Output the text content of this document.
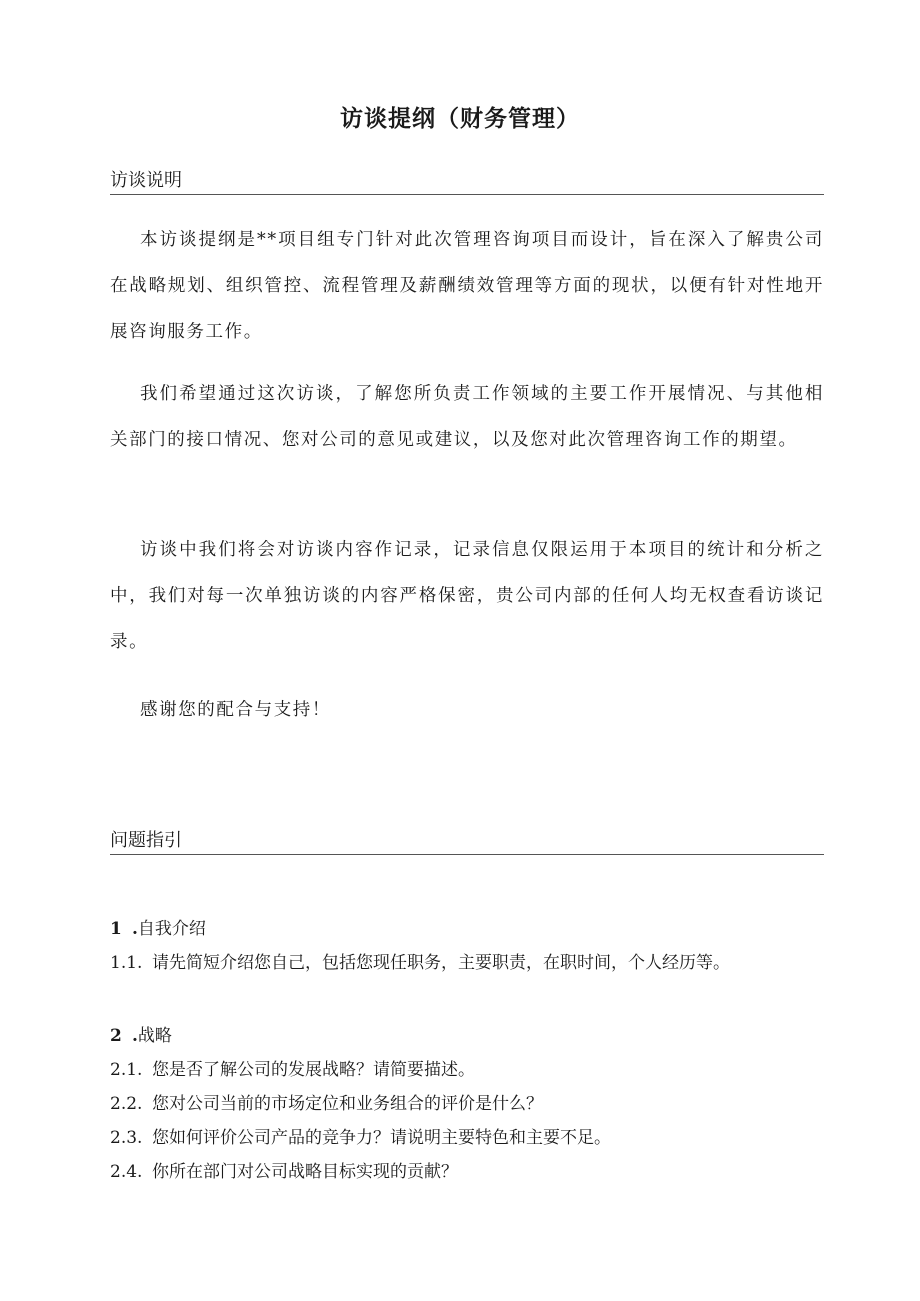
访谈提纲（财务管理）
访谈说明
本访谈提纲是**项目组专门针对此次管理咨询项目而设计，旨在深入了解贵公司在战略规划、组织管控、流程管理及薪酬绩效管理等方面的现状，以便有针对性地开展咨询服务工作。
我们希望通过这次访谈，了解您所负责工作领域的主要工作开展情况、与其他相关部门的接口情况、您对公司的意见或建议，以及您对此次管理咨询工作的期望。
访谈中我们将会对访谈内容作记录，记录信息仅限运用于本项目的统计和分析之中，我们对每一次单独访谈的内容严格保密，贵公司内部的任何人均无权查看访谈记录。
感谢您的配合与支持！
问题指引
1 .自我介绍
1.1. 请先简短介绍您自己，包括您现任职务，主要职责，在职时间，个人经历等。
2 .战略
2.1. 您是否了解公司的发展战略？请简要描述。
2.2. 您对公司当前的市场定位和业务组合的评价是什么？
2.3. 您如何评价公司产品的竞争力？请说明主要特色和主要不足。
2.4. 你所在部门对公司战略目标实现的贡献？
